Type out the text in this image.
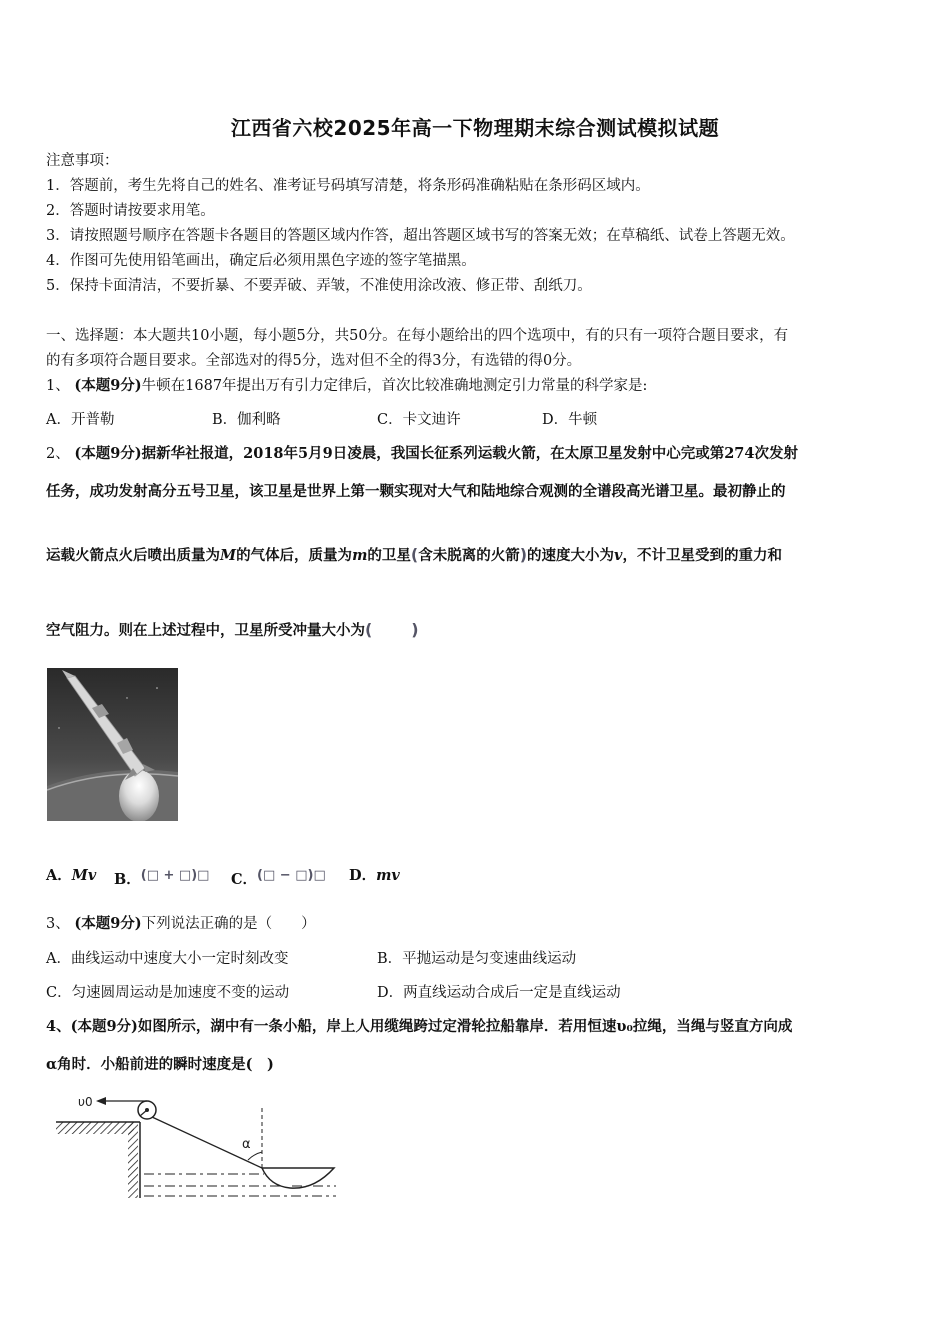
江西省六校2025年高一下物理期末综合测试模拟试题
注意事项：
1．答题前，考生先将自己的姓名、准考证号码填写清楚，将条形码准确粘贴在条形码区域内。
2．答题时请按要求用笔。
3．请按照题号顺序在答题卡各题目的答题区域内作答，超出答题区域书写的答案无效；在草稿纸、试卷上答题无效。
4．作图可先使用铅笔画出，确定后必须用黑色字迹的签字笔描黑。
5．保持卡面清洁，不要折暴、不要弄破、弄皱，不准使用涂改液、修正带、刮纸刀。
一、选择题：本大题共10小题，每小题5分，共50分。在每小题给出的四个选项中，有的只有一项符合题目要求，有
的有多项符合题目要求。全部选对的得5分，选对但不全的得3分，有选错的得0分。
1、 (本题9分)牛顿在1687年提出万有引力定律后，首次比较准确地测定引力常量的科学家是:
A．开普勒	B．伽利略	C．卡文迪许	D．牛顿
2、 (本题9分)据新华社报道，2018年5月9日凌晨，我国长征系列运载火箭，在太原卫星发射中心完或第274次发射
任务，成功发射高分五号卫星，该卫星是世界上第一颗实现对大气和陆地综合观测的全谱段高光谱卫星。最初静止的
运载火箭点火后喷出质量为M的气体后，质量为m的卫星(含未脱离的火箭)的速度大小为v，不计卫星受到的重力和
空气阻力。则在上述过程中，卫星所受冲量大小为(       )
A．Mv B．(□ + □)□ C．(□ − □)□ D．mv
3、 (本题9分)下列说法正确的是（　　）
A．曲线运动中速度大小一定时刻改变	B．平抛运动是匀变速曲线运动
C．匀速圆周运动是加速度不变的运动	D．两直线运动合成后一定是直线运动
4、(本题9分)如图所示，湖中有一条小船，岸上人用缆绳跨过定滑轮拉船靠岸．若用恒速υ₀拉绳，当绳与竖直方向成
α角时．小船前进的瞬时速度是(　)
υ0
α
